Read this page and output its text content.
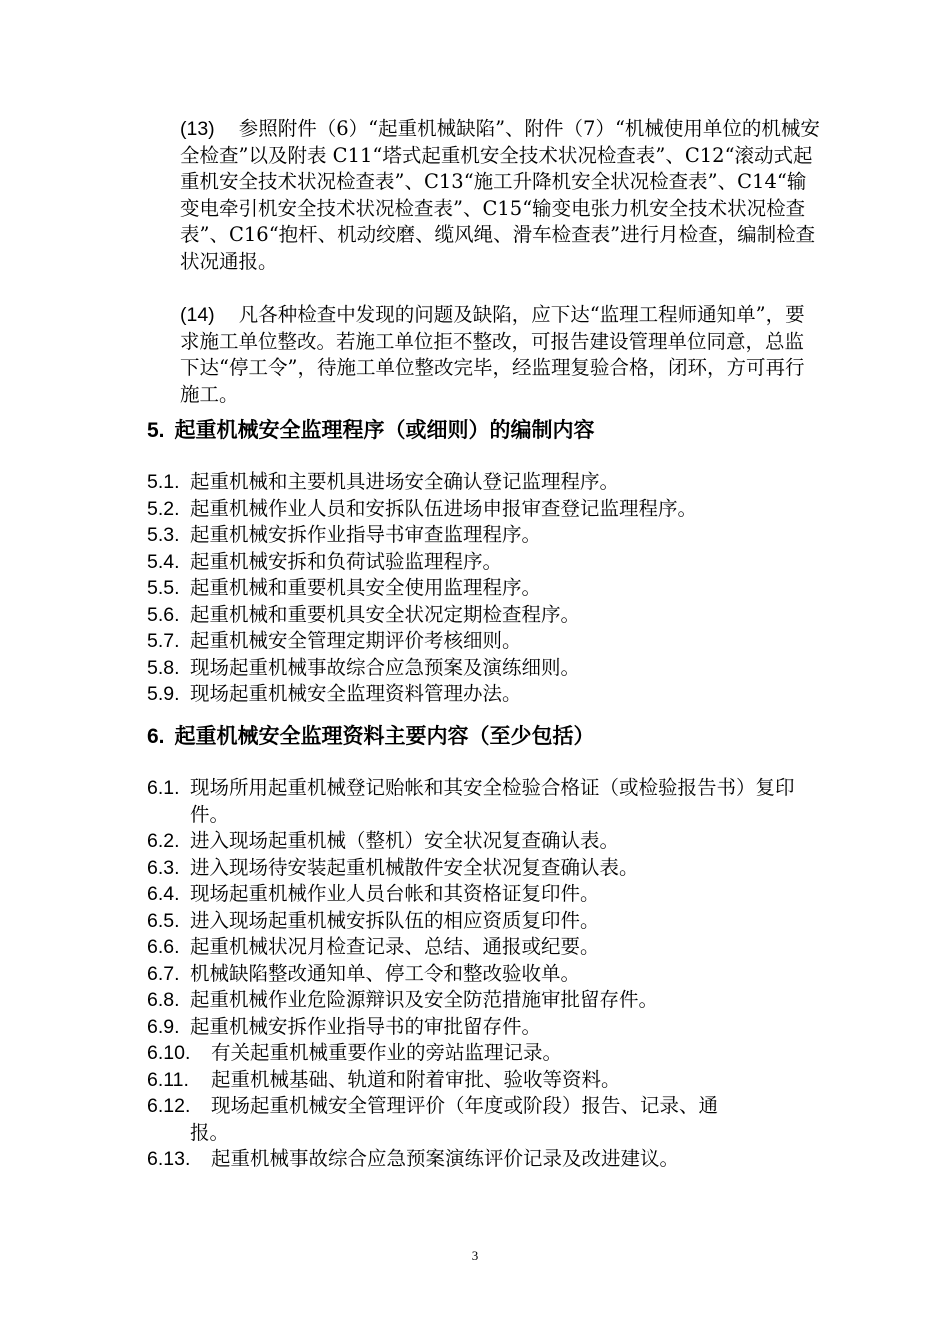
(13) 参照附件（6）“起重机械缺陷”、附件（7）“机械使用单位的机械安全检查”以及附表 C11“塔式起重机安全技术状况检查表”、C12“滚动式起重机安全技术状况检查表”、C13“施工升降机安全状况检查表”、C14“输变电牵引机安全技术状况检查表”、C15“输变电张力机安全技术状况检查表”、C16“抱杆、机动绞磨、缆风绳、滑车检查表”进行月检查，编制检查状况通报。
(14) 凡各种检查中发现的问题及缺陷，应下达“监理工程师通知单”，要求施工单位整改。若施工单位拒不整改，可报告建设管理单位同意，总监下达“停工令”，待施工单位整改完毕，经监理复验合格，闭环，方可再行施工。
5. 起重机械安全监理程序（或细则）的编制内容
5.1. 起重机械和主要机具进场安全确认登记监理程序。
5.2. 起重机械作业人员和安拆队伍进场申报审查登记监理程序。
5.3. 起重机械安拆作业指导书审查监理程序。
5.4. 起重机械安拆和负荷试验监理程序。
5.5. 起重机械和重要机具安全使用监理程序。
5.6. 起重机械和重要机具安全状况定期检查程序。
5.7. 起重机械安全管理定期评价考核细则。
5.8. 现场起重机械事故综合应急预案及演练细则。
5.9. 现场起重机械安全监理资料管理办法。
6. 起重机械安全监理资料主要内容（至少包括）
6.1. 现场所用起重机械登记贻帐和其安全检验合格证（或检验报告书）复印件。
6.2. 进入现场起重机械（整机）安全状况复查确认表。
6.3. 进入现场待安装起重机械散件安全状况复查确认表。
6.4. 现场起重机械作业人员台帐和其资格证复印件。
6.5. 进入现场起重机械安拆队伍的相应资质复印件。
6.6. 起重机械状况月检查记录、总结、通报或纪要。
6.7. 机械缺陷整改通知单、停工令和整改验收单。
6.8. 起重机械作业危险源辩识及安全防范措施审批留存件。
6.9. 起重机械安拆作业指导书的审批留存件。
6.10. 有关起重机械重要作业的旁站监理记录。
6.11. 起重机械基础、轨道和附着审批、验收等资料。
6.12. 现场起重机械安全管理评价（年度或阶段）报告、记录、通
报。
6.13. 起重机械事故综合应急预案演练评价记录及改进建议。
3
